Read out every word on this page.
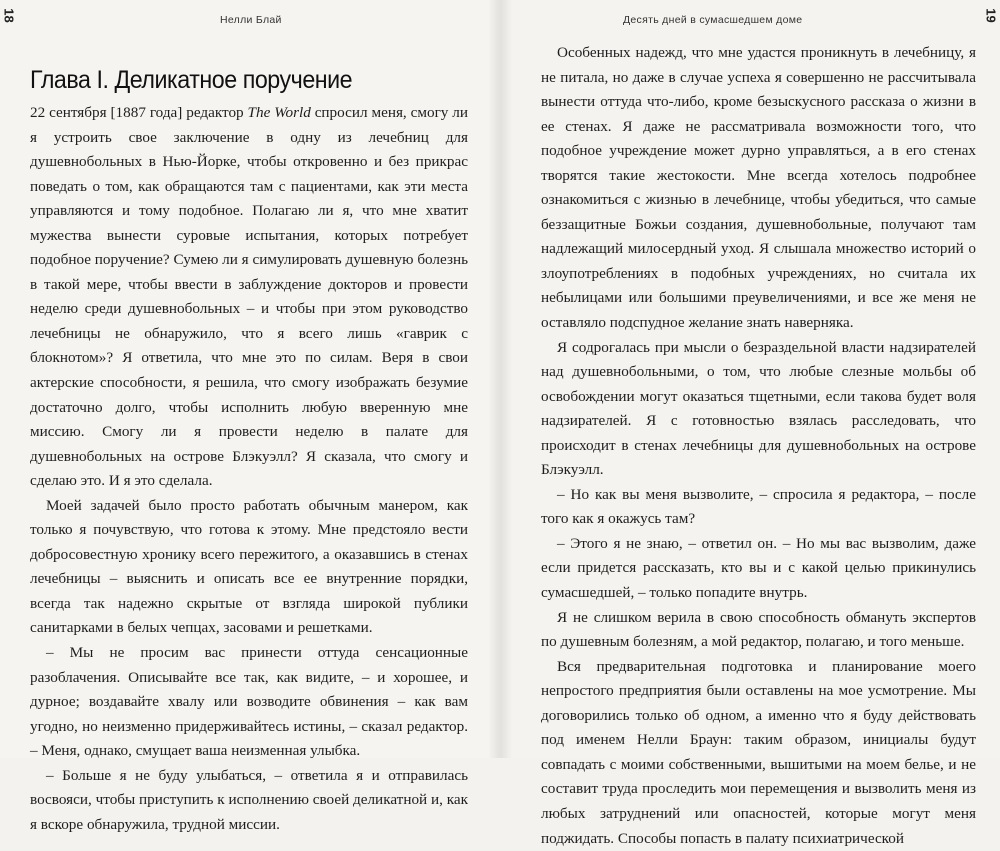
18	Нелли Блай
Глава I. Деликатное поручение

22 сентября [1887 года] редактор The World спросил меня, смогу ли я устроить свое заключение в одну из лечебниц для душевнобольных в Нью-Йорке, чтобы откровенно и без прикрас поведать о том, как обращаются там с пациентами, как эти места управляются и тому подобное. Полагаю ли я, что мне хватит мужества вынести суровые испытания, которых потребует подобное поручение? Сумею ли я симулировать душевную болезнь в такой мере, чтобы ввести в заблуждение докторов и провести неделю среди душевнобольных – и чтобы при этом руководство лечебницы не обнаружило, что я всего лишь «гаврик с блокнотом»? Я ответила, что мне это по силам. Веря в свои актерские способности, я решила, что смогу изображать безумие достаточно долго, чтобы исполнить любую вверенную мне миссию. Смогу ли я провести неделю в палате для душевнобольных на острове Блэкуэлл? Я сказала, что смогу и сделаю это. И я это сделала.

Моей задачей было просто работать обычным манером, как только я почувствую, что готова к этому. Мне предстояло вести добросовестную хронику всего пережитого, а оказавшись в стенах лечебницы – выяснить и описать все ее внутренние порядки, всегда так надежно скрытые от взгляда широкой публики санитарками в белых чепцах, засовами и решетками.

– Мы не просим вас принести оттуда сенсационные разоблачения. Описывайте все так, как видите, – и хорошее, и дурное; воздавайте хвалу или возводите обвинения – как вам угодно, но неизменно придерживайтесь истины, – сказал редактор. – Меня, однако, смущает ваша неизменная улыбка.

– Больше я не буду улыбаться, – ответила я и отправилась восвояси, чтобы приступить к исполнению своей деликатной и, как я вскоре обнаружила, трудной миссии.

19
Десять дней в сумасшедшем доме

Особенных надежд, что мне удастся проникнуть в лечебницу, я не питала, но даже в случае успеха я совершенно не рассчитывала вынести оттуда что-либо, кроме безыскусного рассказа о жизни в ее стенах. Я даже не рассматривала возможности того, что подобное учреждение может дурно управляться, а в его стенах творятся такие жестокости. Мне всегда хотелось подробнее ознакомиться с жизнью в лечебнице, чтобы убедиться, что самые беззащитные Божьи создания, душевнобольные, получают там надлежащий милосердный уход. Я слышала множество историй о злоупотреблениях в подобных учреждениях, но считала их небылицами или большими преувеличениями, и все же меня не оставляло подспудное желание знать наверняка.

Я содрогалась при мысли о безраздельной власти надзирателей над душевнобольными, о том, что любые слезные мольбы об освобождении могут оказаться тщетными, если такова будет воля надзирателей. Я с готовностью взялась расследовать, что происходит в стенах лечебницы для душевнобольных на острове Блэкуэлл.

– Но как вы меня вызволите, – спросила я редактора, – после того как я окажусь там?

– Этого я не знаю, – ответил он. – Но мы вас вызволим, даже если придется рассказать, кто вы и с какой целью прикинулись сумасшедшей, – только попадите внутрь.

Я не слишком верила в свою способность обмануть экспертов по душевным болезням, а мой редактор, полагаю, и того меньше.

Вся предварительная подготовка и планирование моего непростого предприятия были оставлены на мое усмотрение. Мы договорились только об одном, а именно что я буду действовать под именем Нелли Браун: таким образом, инициалы будут совпадать с моими собственными, вышитыми на моем белье, и не составит труда проследить мои перемещения и вызволить меня из любых затруднений или опасностей, которые могут меня поджидать. Способы попасть в палату психиатрической
